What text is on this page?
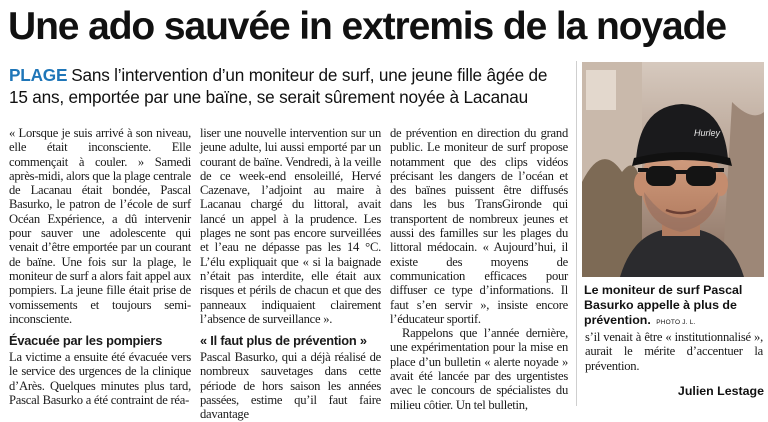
Une ado sauvée in extremis de la noyade
PLAGE Sans l’intervention d’un moniteur de surf, une jeune fille âgée de 15 ans, emportée par une baïne, se serait sûrement noyée à Lacanau

« Lorsque je suis arrivé à son niveau, elle était inconsciente. Elle commençait à couler. » Samedi après-midi, alors que la plage centrale de Lacanau était bondée, Pascal Basurko, le patron de l’école de surf Océan Expérience, a dû intervenir pour sauver une adolescente qui venait d’être emportée par un courant de baïne. Une fois sur la plage, le moniteur de surf a alors fait appel aux pompiers. La jeune fille était prise de vomissements et toujours semi-inconsciente.

Évacuée par les pompiers

La victime a ensuite été évacuée vers le service des urgences de la clinique d’Arès. Quelques minutes plus tard, Pascal Basurko a été contraint de réa-

liser une nouvelle intervention sur un jeune adulte, lui aussi emporté par un courant de baïne. Vendredi, à la veille de ce week-end ensoleillé, Hervé Cazenave, l’adjoint au maire à Lacanau chargé du littoral, avait lancé un appel à la prudence. Les plages ne sont pas encore surveillées et l’eau ne dépasse pas les 14 °C. L’élu expliquait que « si la baignade n’était pas interdite, elle était aux risques et périls de chacun et que des panneaux indiquaient clairement l’absence de surveillance ».

« Il faut plus de prévention »

Pascal Basurko, qui a déjà réalisé de nombreux sauvetages dans cette période de hors saison les années passées, estime qu’il faut faire davantage

de prévention en direction du grand public. Le moniteur de surf propose notamment que des clips vidéos précisant les dangers de l’océan et des baïnes puissent être diffusés dans les bus TransGironde qui transportent de nombreux jeunes et aussi des familles sur les plages du littoral médocain. « Aujourd’hui, il existe des moyens de communication efficaces pour diffuser ce type d’informations. Il faut s’en servir », insiste encore l’éducateur sportif.

Rappelons que l’année dernière, une expérimentation pour la mise en place d’un bulletin « alerte noyade » avait été lancée par des urgentistes avec le concours de spécialistes du milieu côtier. Un tel bulletin,

Hurley
Le moniteur de surf Pascal Basurko appelle à plus de prévention. PHOTO J. L.

s’il venait à être « institutionnalisé », aurait le mérite d’accentuer la prévention.

Julien Lestage
